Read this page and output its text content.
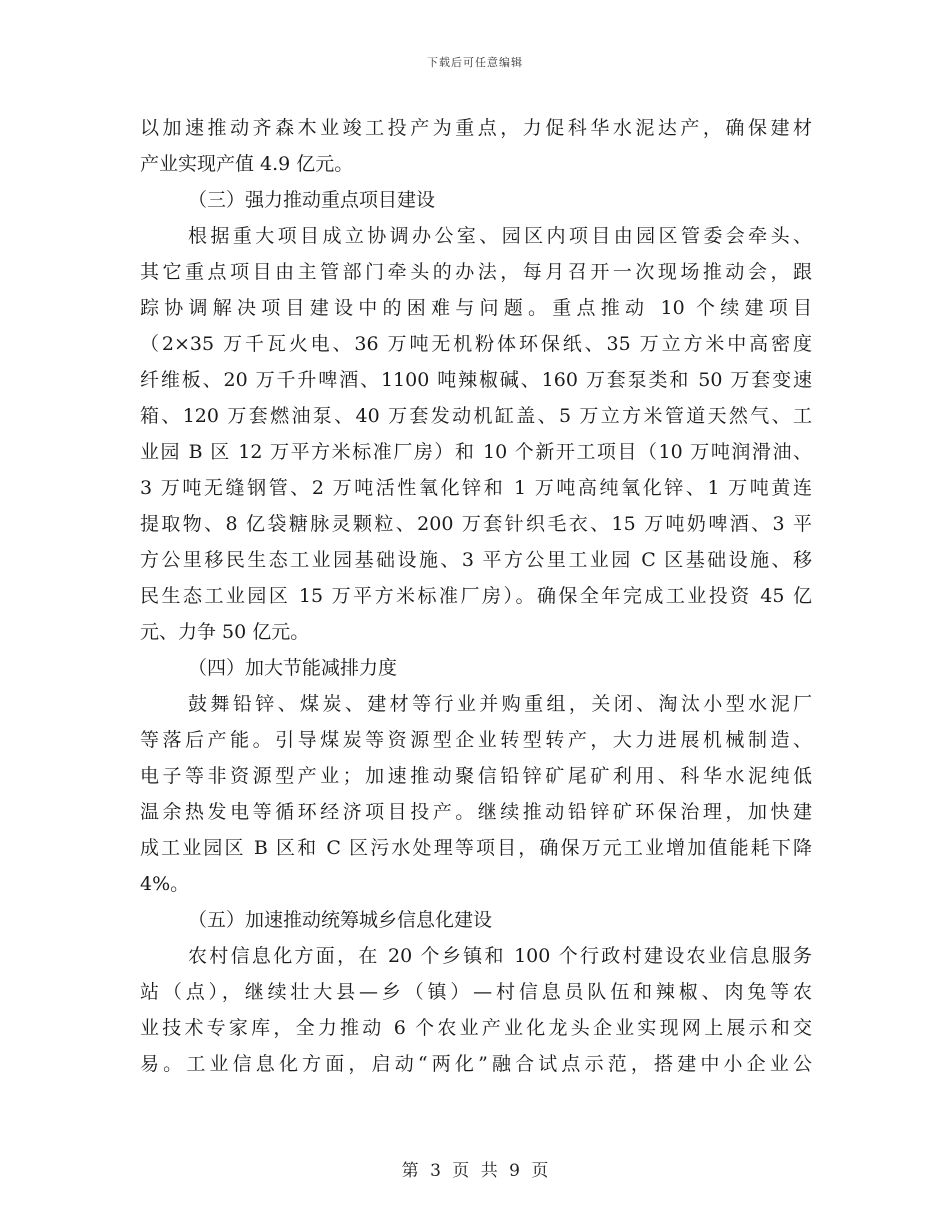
下载后可任意编辑
以加速推动齐森木业竣工投产为重点，力促科华水泥达产，确保建材
产业实现产值 4.9 亿元。
（三）强力推动重点项目建设
根据重大项目成立协调办公室、园区内项目由园区管委会牵头、
其它重点项目由主管部门牵头的办法，每月召开一次现场推动会，跟
踪协调解决项目建设中的困难与问题。重点推动 10 个续建项目
（2×35 万千瓦火电、36 万吨无机粉体环保纸、35 万立方米中高密度
纤维板、20 万千升啤酒、1100 吨辣椒碱、160 万套泵类和 50 万套变速
箱、120 万套燃油泵、40 万套发动机缸盖、5 万立方米管道天然气、工
业园 B 区 12 万平方米标准厂房）和 10 个新开工项目（10 万吨润滑油、
3 万吨无缝钢管、2 万吨活性氧化锌和 1 万吨高纯氧化锌、1 万吨黄连
提取物、8 亿袋糖脉灵颗粒、200 万套针织毛衣、15 万吨奶啤酒、3 平
方公里移民生态工业园基础设施、3 平方公里工业园 C 区基础设施、移
民生态工业园区 15 万平方米标准厂房）。确保全年完成工业投资 45 亿
元、力争 50 亿元。
（四）加大节能减排力度
鼓舞铅锌、煤炭、建材等行业并购重组，关闭、淘汰小型水泥厂
等落后产能。引导煤炭等资源型企业转型转产，大力进展机械制造、
电子等非资源型产业；加速推动聚信铅锌矿尾矿利用、科华水泥纯低
温余热发电等循环经济项目投产。继续推动铅锌矿环保治理，加快建
成工业园区 B 区和 C 区污水处理等项目，确保万元工业增加值能耗下降
4%。
（五）加速推动统筹城乡信息化建设
农村信息化方面，在 20 个乡镇和 100 个行政村建设农业信息服务
站（点），继续壮大县—乡（镇）—村信息员队伍和辣椒、肉兔等农
业技术专家库，全力推动 6 个农业产业化龙头企业实现网上展示和交
易。工业信息化方面，启动“两化”融合试点示范，搭建中小企业公
第 3 页 共 9 页
